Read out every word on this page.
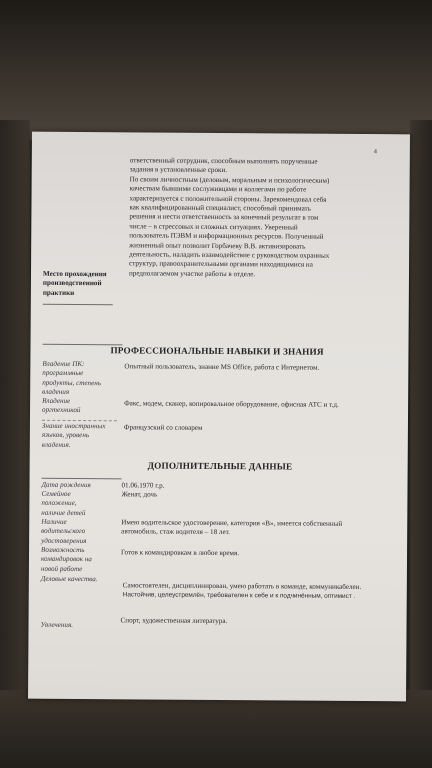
4
ответственный сотрудник, способным выполнять порученные
задания в установленные сроки.
По своим личностным (деловым, моральным и психологическим)
качествам бывшими сослуживцами и коллегами по работе
характеризуется с положительной стороны. Зарекомендовал себя
как квалифицированный специалист, способный принимать
решения и нести ответственность за конечный результат в том
числе – в стрессовых и сложных ситуациях. Уверенный
пользователь ПЭВМ и информационных ресурсов. Полученный
жизненный опыт позволит Горбачеву В.В. активизировать
деятельность, наладить взаимодействие с руководством охранных
структур, правоохранительными органами находящимися на
предполагаемом участке работы в отделе.
Место прохождения
производственной
практики
ПРОФЕССИОНАЛЬНЫЕ НАВЫКИ И ЗНАНИЯ
Владение ПК:
программные
продукты, степень
владения
Опытный пользователь, знание MS Office, работа с Интернетом.
Владение
оргтехникой
Факс, модем, сканер, копировальное оборудование, офисная АТС и т.д.
Знание иностранных
языков, уровень
владения.
Французский со словарем
ДОПОЛНИТЕЛЬНЫЕ ДАННЫЕ
Дата рождения	01.06.1970 г.р.
Семейное
положение,
наличие детей
Женат, дочь
Наличие
водительского
удостоверения
Имею водительское удостоверение, категория «В», имеется собственный
автомобиль, стаж водителя – 18 лет.
Возможность
командировок на
новой работе
Готов к командировкам в любое время.
Деловые качества.
Самостоятелен, дисциплинирован, умею работать в команде, коммуникабелен.
Настойчив, целеустремлён, требователен к себе и к подчинённым, оптимист .
Увлечения.	Спорт, художественная литература.
